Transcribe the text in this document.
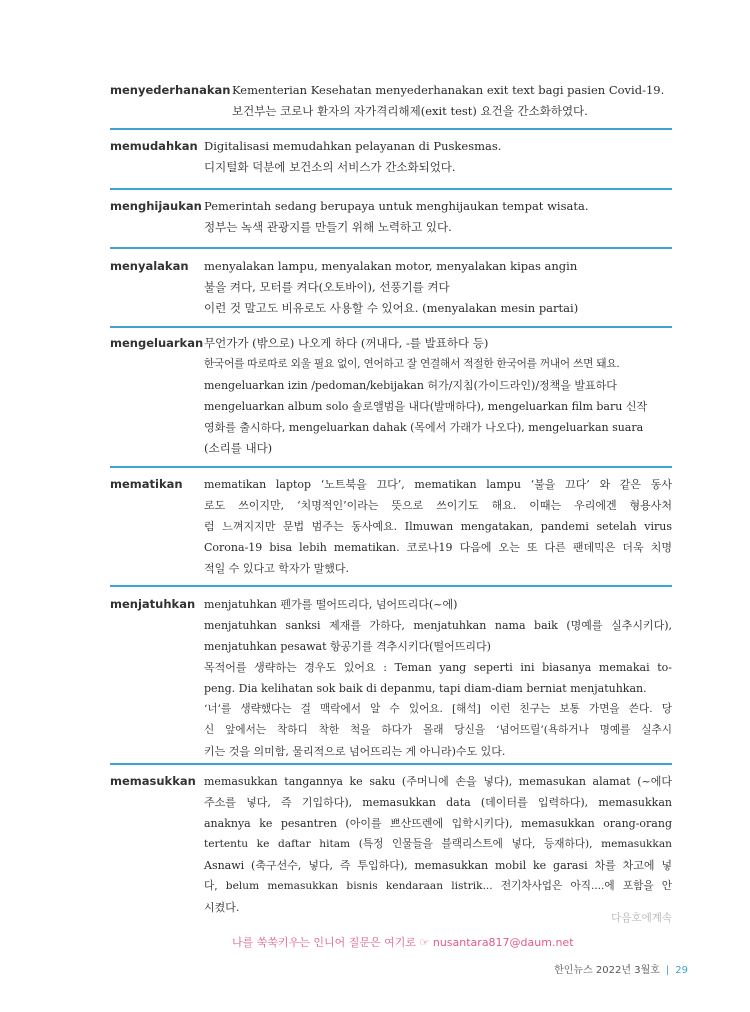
menyederhanakan Kementerian Kesehatan menyederhanakan exit text bagi pasien Covid-19.
보건부는 코로나 환자의 자가격리해제(exit test) 요건을 간소화하였다.
memudahkan Digitalisasi memudahkan pelayanan di Puskesmas.
디지털화 덕분에 보건소의 서비스가 간소화되었다.
menghijaukan Pemerintah sedang berupaya untuk menghijaukan tempat wisata.
정부는 녹색 관광지를 만들기 위해 노력하고 있다.
menyalakan menyalakan lampu, menyalakan motor, menyalakan kipas angin
불을 켜다, 모터를 켜다(오토바이), 선풍기를 켜다
이런 것 말고도 비유로도 사용할 수 있어요. (menyalakan mesin partai)
mengeluarkan 무언가가 (밖으로) 나오게 하다 (꺼내다, -를 발표하다 등)
한국어를 따로따로 외울 필요 없이, 연어하고 잘 연결해서 적절한 한국어를 꺼내어 쓰면 돼요.
mengeluarkan izin /pedoman/kebijakan 허가/지침(가이드라인)/정책을 발표하다
mengeluarkan album solo 솔로앨범을 내다(발매하다), mengeluarkan film baru 신작
영화를 출시하다, mengeluarkan dahak (목에서 가래가 나오다), mengeluarkan suara
(소리를 내다)
mematikan mematikan laptop ‘노트북을 끄다’, mematikan lampu ‘불을 끄다’ 와 같은 동사
로도 쓰이지만, ‘치명적인’이라는 뜻으로 쓰이기도 해요. 이때는 우리에겐 형용사처
럼 느껴지지만 문법 범주는 동사예요. Ilmuwan mengatakan, pandemi setelah virus
Corona-19 bisa lebih mematikan. 코로나19 다음에 오는 또 다른 팬데믹은 더욱 치명
적일 수 있다고 학자가 말했다.
menjatuhkan menjatuhkan 펜가를 떨어뜨리다, 넘어뜨리다(~에)
menjatuhkan sanksi 제재를 가하다, menjatuhkan nama baik (명예를 실추시키다),
menjatuhkan pesawat 항공기를 격추시키다(떨어뜨리다)
목적어를 생략하는 경우도 있어요 : Teman yang seperti ini biasanya memakai to-
peng. Dia kelihatan sok baik di depanmu, tapi diam-diam berniat menjatuhkan.
‘너’를 생략했다는 걸 맥락에서 알 수 있어요. [해석] 이런 친구는 보통 가면을 쓴다. 당
신 앞에서는 착하디 착한 척을 하다가 몰래 당신을 ‘넘어뜨릴’(욕하거나 명예를 실추시
키는 것을 의미함, 물리적으로 넘어뜨리는 게 아니라)수도 있다.
memasukkan memasukkan tangannya ke saku (주머니에 손을 넣다), memasukan alamat (~에다
주소를 넣다, 즉 기입하다), memasukkan data (데이터를 입력하다), memasukkan
anaknya ke pesantren (아이를 쁘산뜨렌에 입학시키다), memasukkan orang-orang
tertentu ke daftar hitam (특정 인물들을 블랙리스트에 넣다, 등재하다), memasukkan
Asnawi (축구선수, 넣다, 즉 투입하다), memasukkan mobil ke garasi 차를 차고에 넣
다, belum memasukkan bisnis kendaraan listrik... 전기차사업은 아직....에 포함을 안
시켰다.
다음호에계속
나를 쑥쑥키우는 인니어 질문은 여기로 ☞ nusantara817@daum.net
한인뉴스 2022년 3월호 | 29
